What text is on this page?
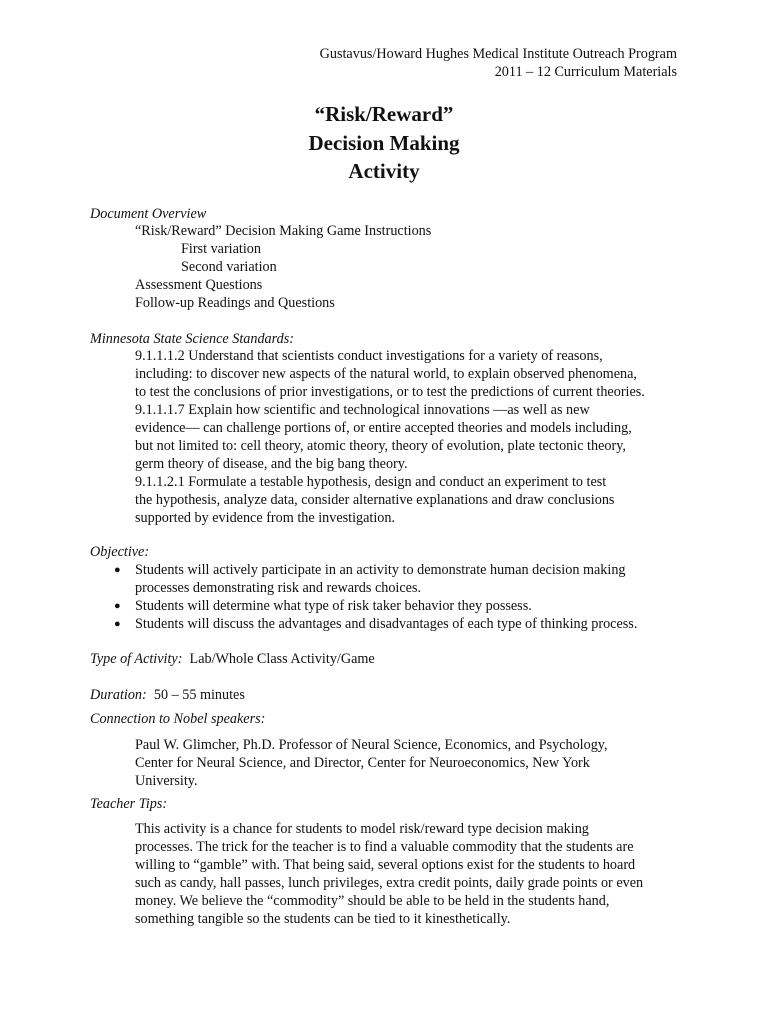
Gustavus/Howard Hughes Medical Institute Outreach Program
2011 – 12 Curriculum Materials
“Risk/Reward”
Decision Making
Activity
Document Overview
“Risk/Reward” Decision Making Game Instructions
First variation
Second variation
Assessment Questions
Follow-up Readings and Questions
Minnesota State Science Standards:
9.1.1.1.2 Understand that scientists conduct investigations for a variety of reasons,
including: to discover new aspects of the natural world, to explain observed phenomena,
to test the conclusions of prior investigations, or to test the predictions of current theories.
9.1.1.1.7 Explain how scientific and technological innovations ―as well as new
evidence― can challenge portions of, or entire accepted theories and models including,
but not limited to: cell theory, atomic theory, theory of evolution, plate tectonic theory,
germ theory of disease, and the big bang theory.
9.1.1.2.1 Formulate a testable hypothesis, design and conduct an experiment to test
the hypothesis, analyze data, consider alternative explanations and draw conclusions
supported by evidence from the investigation.
Objective:
● Students will actively participate in an activity to demonstrate human decision making
processes demonstrating risk and rewards choices.
● Students will determine what type of risk taker behavior they possess.
● Students will discuss the advantages and disadvantages of each type of thinking process.
Type of Activity: Lab/Whole Class Activity/Game
Duration: 50 – 55 minutes
Connection to Nobel speakers:
Paul W. Glimcher, Ph.D. Professor of Neural Science, Economics, and Psychology,
Center for Neural Science, and Director, Center for Neuroeconomics, New York
University.
Teacher Tips:
This activity is a chance for students to model risk/reward type decision making
processes. The trick for the teacher is to find a valuable commodity that the students are
willing to “gamble” with. That being said, several options exist for the students to hoard
such as candy, hall passes, lunch privileges, extra credit points, daily grade points or even
money. We believe the “commodity” should be able to be held in the students hand,
something tangible so the students can be tied to it kinesthetically.
